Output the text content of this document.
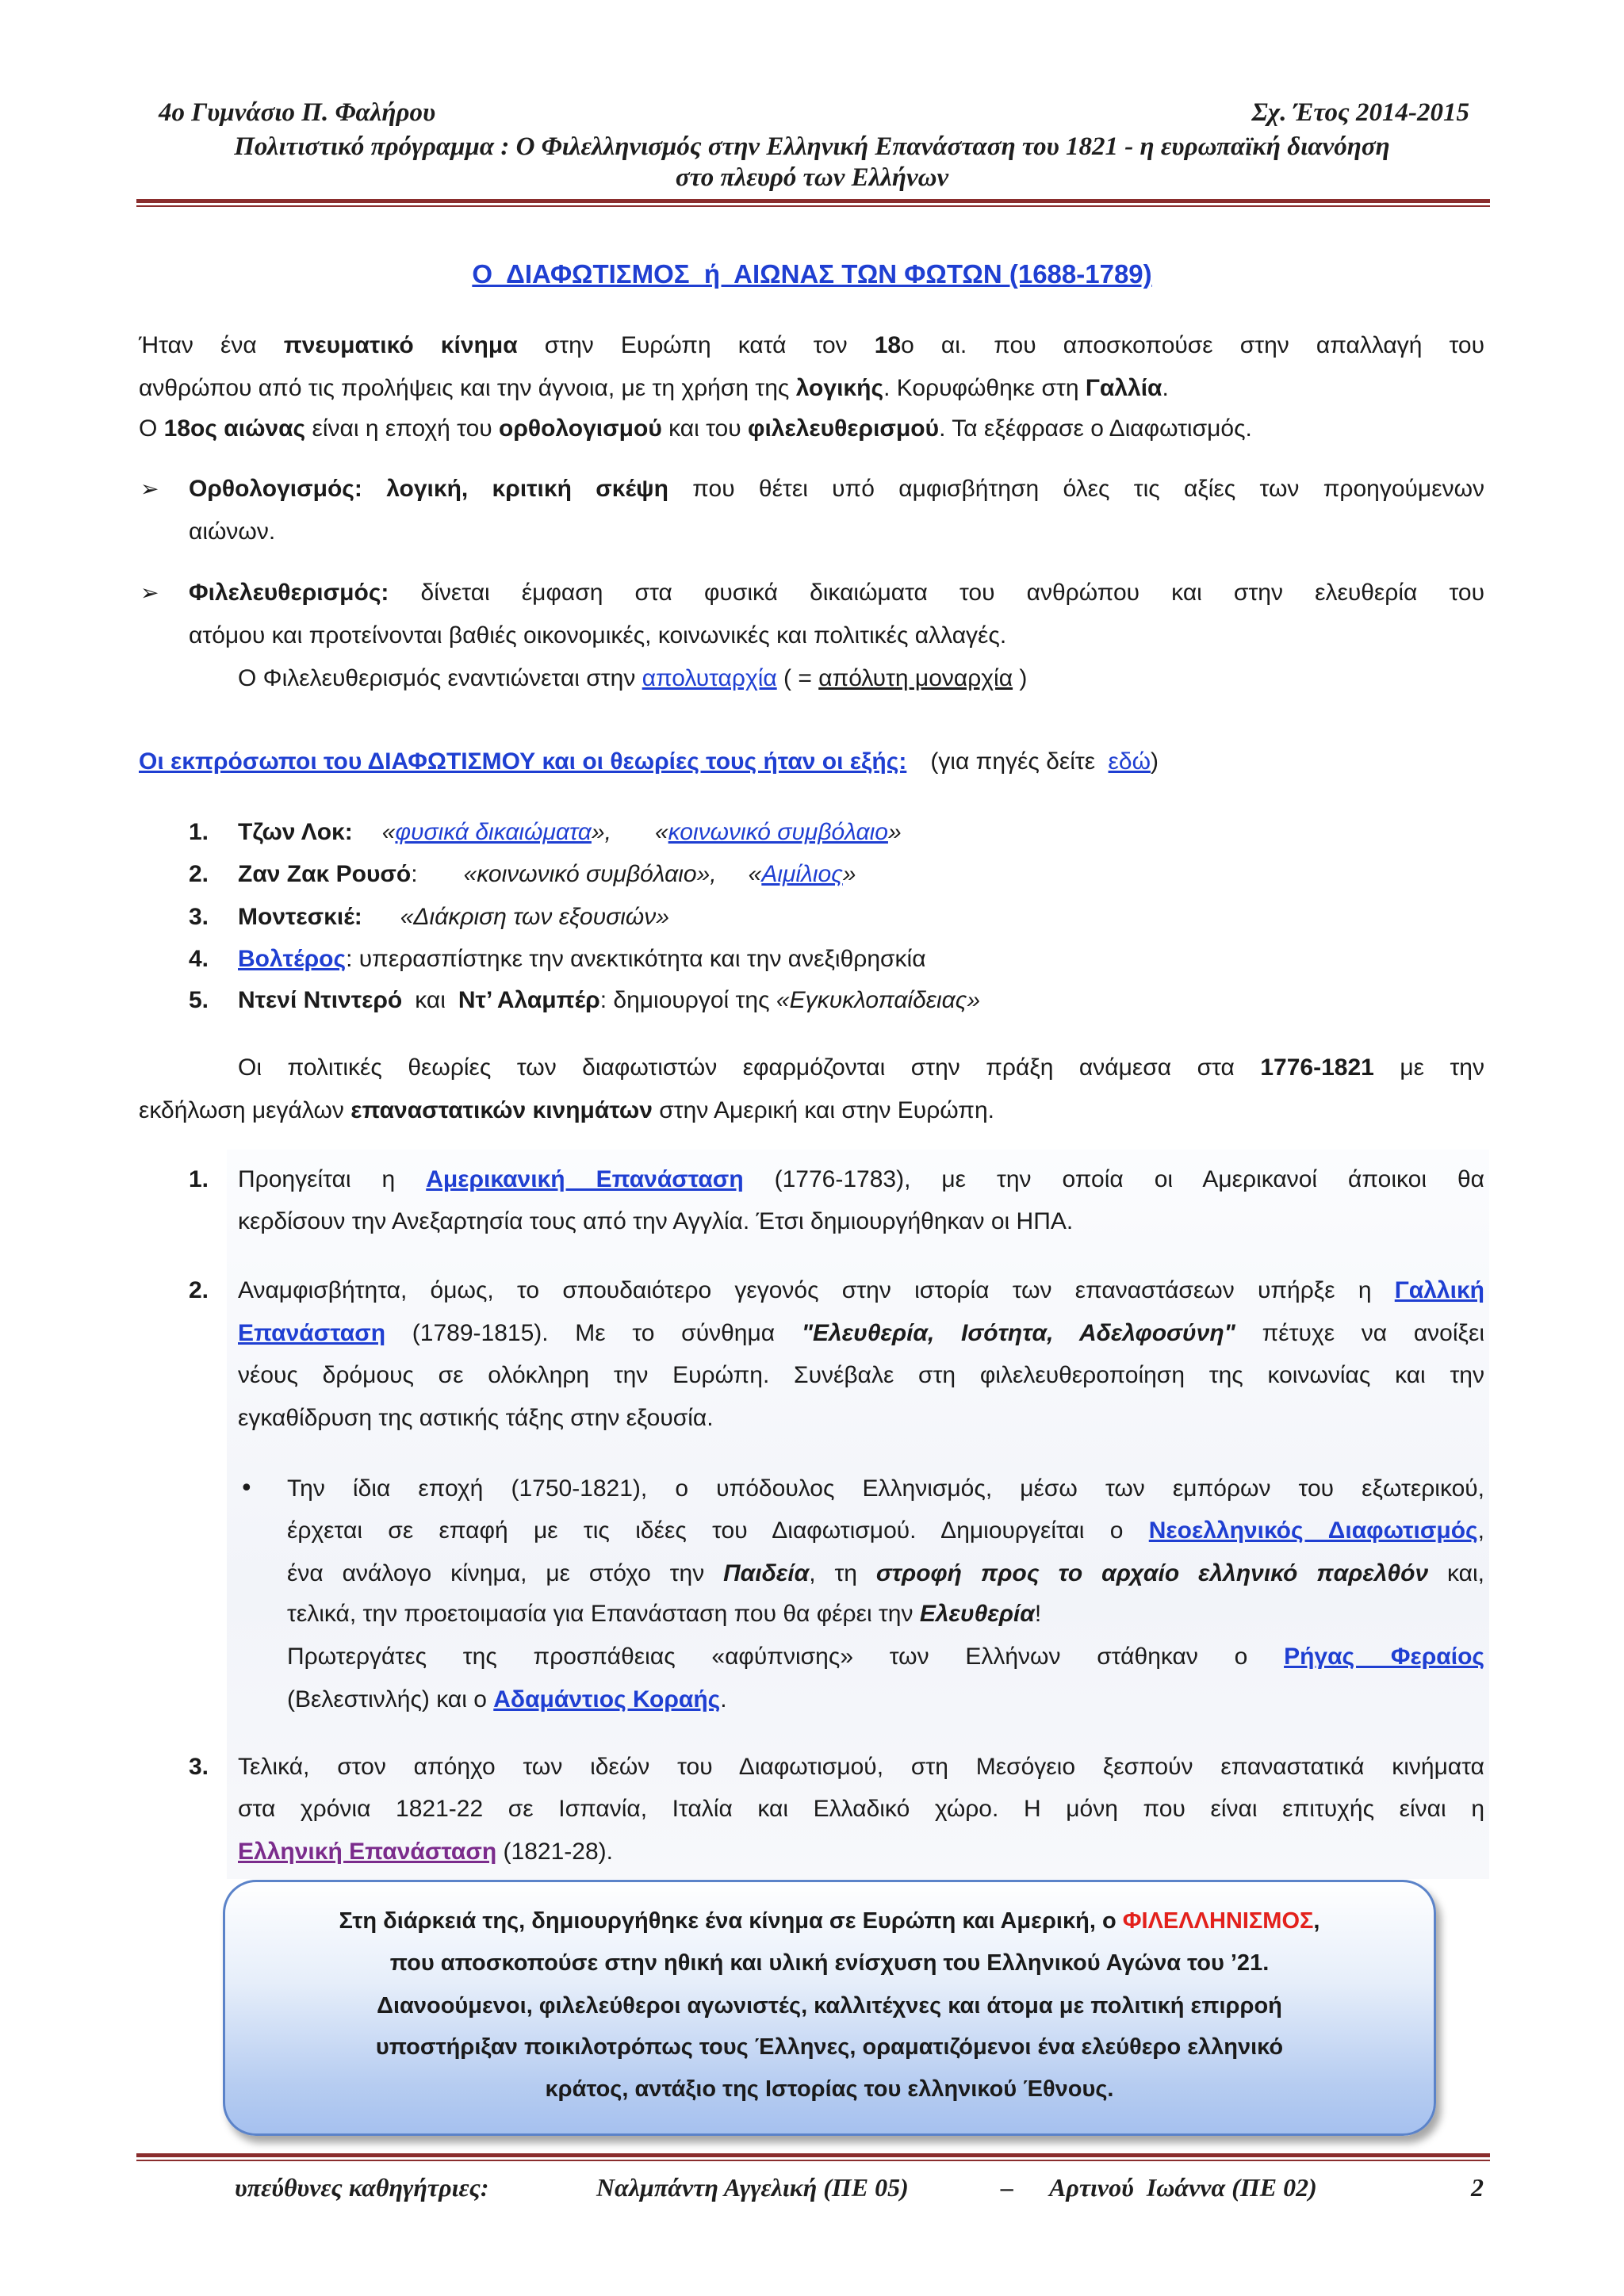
4ο Γυμνάσιο Π. Φαλήρου	Σχ. Έτος 2014-2015
Πολιτιστικό πρόγραμμα : Ο Φιλελληνισμός στην Ελληνική Επανάσταση του 1821 - η ευρωπαϊκή διανόηση
στο πλευρό των Ελλήνων
Ο  ΔΙΑΦΩΤΙΣΜΟΣ  ή  ΑΙΩΝΑΣ ΤΩΝ ΦΩΤΩΝ (1688-1789)
Ήταν ένα πνευματικό κίνημα στην Ευρώπη κατά τον 18ο αι. που αποσκοπούσε στην απαλλαγή του
ανθρώπου από τις προλήψεις και την άγνοια, με τη χρήση της λογικής. Κορυφώθηκε στη Γαλλία.
Ο 18ος αιώνας είναι η εποχή του ορθολογισμού και του φιλελευθερισμού. Τα εξέφρασε ο Διαφωτισμός.
➢ Ορθολογισμός: λογική, κριτική σκέψη που θέτει υπό αμφισβήτηση όλες τις αξίες των προηγούμενων
αιώνων.
➢ Φιλελευθερισμός: δίνεται έμφαση στα φυσικά δικαιώματα του ανθρώπου και στην ελευθερία του
ατόμου και προτείνονται βαθιές οικονομικές, κοινωνικές και πολιτικές αλλαγές.
Ο Φιλελευθερισμός εναντιώνεται στην απολυταρχία ( = απόλυτη μοναρχία )
Οι εκπρόσωποι του ΔΙΑΦΩΤΙΣΜΟΥ και οι θεωρίες τους ήταν οι εξής: (για πηγές δείτε εδώ)
1. Τζων Λοκ: «φυσικά δικαιώματα», «κοινωνικό συμβόλαιο»
2. Ζαν Ζακ Ρουσό: «κοινωνικό συμβόλαιο», «Αιμίλιος»
3. Μοντεσκιέ: «Διάκριση των εξουσιών»
4. Βολτέρος: υπερασπίστηκε την ανεκτικότητα και την ανεξιθρησκία
5. Ντενί Ντιντερό και Ντ’ Αλαμπέρ: δημιουργοί της «Εγκυκλοπαίδειας»
Οι πολιτικές θεωρίες των διαφωτιστών εφαρμόζονται στην πράξη ανάμεσα στα 1776-1821 με την
εκδήλωση μεγάλων επαναστατικών κινημάτων στην Αμερική και στην Ευρώπη.
1. Προηγείται η Αμερικανική Επανάσταση (1776-1783), με την οποία οι Αμερικανοί άποικοι θα
κερδίσουν την Ανεξαρτησία τους από την Αγγλία. Έτσι δημιουργήθηκαν οι ΗΠΑ.
2. Αναμφισβήτητα, όμως, το σπουδαιότερο γεγονός στην ιστορία των επαναστάσεων υπήρξε η Γαλλική
Επανάσταση (1789-1815). Με το σύνθημα "Ελευθερία, Ισότητα, Αδελφοσύνη" πέτυχε να ανοίξει
νέους δρόμους σε ολόκληρη την Ευρώπη. Συνέβαλε στη φιλελευθεροποίηση της κοινωνίας και την
εγκαθίδρυση της αστικής τάξης στην εξουσία.
• Την ίδια εποχή (1750-1821), ο υπόδουλος Ελληνισμός, μέσω των εμπόρων του εξωτερικού,
έρχεται σε επαφή με τις ιδέες του Διαφωτισμού. Δημιουργείται ο Νεοελληνικός Διαφωτισμός,
ένα ανάλογο κίνημα, με στόχο την Παιδεία, τη στροφή προς το αρχαίο ελληνικό παρελθόν και,
τελικά, την προετοιμασία για Επανάσταση που θα φέρει την Ελευθερία!
Πρωτεργάτες της προσπάθειας «αφύπνισης» των Ελλήνων στάθηκαν ο Ρήγας Φεραίος
(Βελεστινλής) και ο Αδαμάντιος Κοραής.
3. Τελικά, στον απόηχο των ιδεών του Διαφωτισμού, στη Μεσόγειο ξεσπούν επαναστατικά κινήματα
στα χρόνια 1821-22 σε Ισπανία, Ιταλία και Ελλαδικό χώρο. Η μόνη που είναι επιτυχής είναι η
Ελληνική Επανάσταση (1821-28).
Στη διάρκειά της, δημιουργήθηκε ένα κίνημα σε Ευρώπη και Αμερική, ο ΦΙΛΕΛΛΗΝΙΣΜΟΣ,
που αποσκοπούσε στην ηθική και υλική ενίσχυση του Ελληνικού Αγώνα του ’21.
Διανοούμενοι, φιλελεύθεροι αγωνιστές, καλλιτέχνες και άτομα με πολιτική επιρροή
υποστήριξαν ποικιλοτρόπως τους Έλληνες, οραματιζόμενοι ένα ελεύθερο ελληνικό
κράτος, αντάξιο της Ιστορίας του ελληνικού Έθνους.
υπεύθυνες καθηγήτριες:	Ναλμπάντη Αγγελική (ΠΕ 05)	– Αρτινού  Ιωάννα (ΠΕ 02)	2
